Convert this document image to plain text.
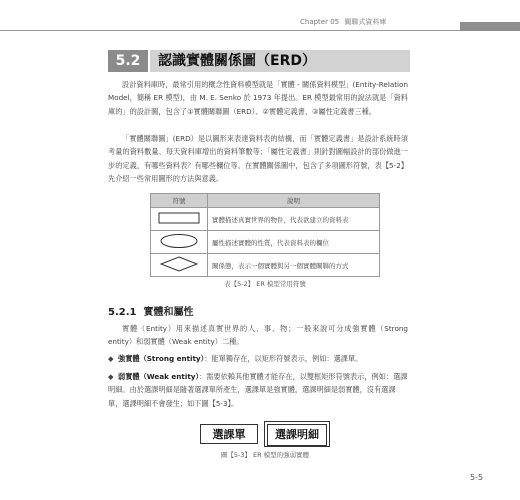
Chapter 05 關聯式資料庫
5.2	認識實體關係圖（ERD）

設計資料庫時，最常引用的概念性資料模型就是「實體 - 關係資料模型」(Entity-Relation Model，簡稱 ER 模型)，由 M. E. Senko 於 1973 年提出。ER 模型最常用的說法就是「資料庫的」的設計圖，包含了①實體關聯圖（ERD）、②實體定義書、③屬性定義書三種。

「實體關聯圖」(ERD）是以圖形來表達資料表的結構，而「實體定義書」是設計系統時須考量的資料數量、每天資料庫增出的資料筆數等；「屬性定義書」則針對圖幅設計的部份做進一步的定義，有哪些資料表？有哪些欄位等。在實體關係圖中，包含了多項圖形符號，表【5-2】先介紹一些常用圖形的方法與意義。

符號	說明
	實體描述真實世界的物件，代表欲建立的資料表
	屬性描述實體的性質，代表資料表的欄位
	關係態，表示一個實體與另一個實體關聯的方式
表【5-2】 ER 模型常用符號
5.2.1 實體和屬性

實體（Entity）用來描述真實世界的人、事、物；一般來說可分成強實體（Strong entity）和弱實體（Weak entity）二種。

◆ 強實體（Strong entity）：能單獨存在，以矩形符號表示，例如：選課單。
◆ 弱實體（Weak entity）：需要依賴其他實體才能存在，以雙框矩形符號表示，例如：選課明細。由於選課明細是隨著選課單所產生，選課單是強實體，選課明細是弱實體，沒有選課單，選課明細不會發生；如下圖【5-3】。
選課單	選課明細
圖【5-3】 ER 模型的強弱實體
5-5
